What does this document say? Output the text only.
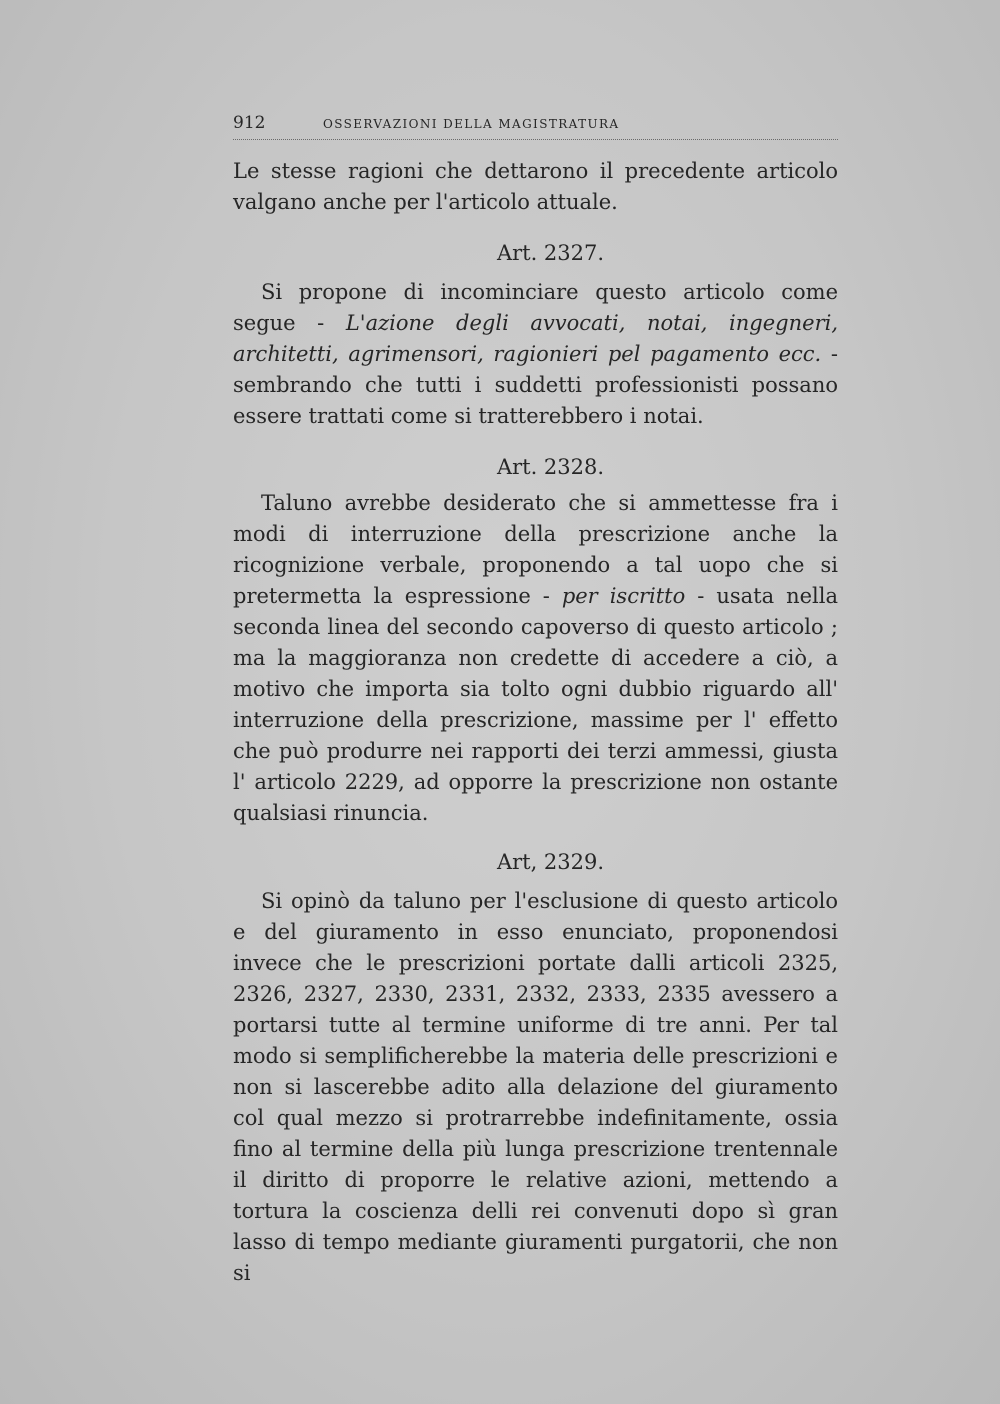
912	OSSERVAZIONI DELLA MAGISTRATURA

Le stesse ragioni che dettarono il precedente articolo valgano anche per l'articolo attuale.

Art. 2327.

Si propone di incominciare questo articolo come segue - L'azione degli avvocati, notai, ingegneri, architetti, agrimensori, ragionieri pel pagamento ecc. - sembrando che tutti i suddetti professionisti possano essere trattati come si tratterebbero i notai.

Art. 2328.

Taluno avrebbe desiderato che si ammettesse fra i modi di interruzione della prescrizione anche la ricognizione verbale, proponendo a tal uopo che si pretermetta la espressione - per iscritto - usata nella seconda linea del secondo capoverso di questo articolo ; ma la maggioranza non credette di accedere a ciò, a motivo che importa sia tolto ogni dubbio riguardo all' interruzione della prescrizione, massime per l' effetto che può produrre nei rapporti dei terzi ammessi, giusta l' articolo 2229, ad opporre la prescrizione non ostante qualsiasi rinuncia.

Art, 2329.

Si opinò da taluno per l'esclusione di questo articolo e del giuramento in esso enunciato, proponendosi invece che le prescrizioni portate dalli articoli 2325, 2326, 2327, 2330, 2331, 2332, 2333, 2335 avessero a portarsi tutte al termine uniforme di tre anni. Per tal modo si semplificherebbe la materia delle prescrizioni e non si lascerebbe adito alla delazione del giuramento col qual mezzo si protrarrebbe indefinitamente, ossia fino al termine della più lunga prescrizione trentennale il diritto di proporre le relative azioni, mettendo a tortura la coscienza delli rei convenuti dopo sì gran lasso di tempo mediante giuramenti purgatorii, che non si
